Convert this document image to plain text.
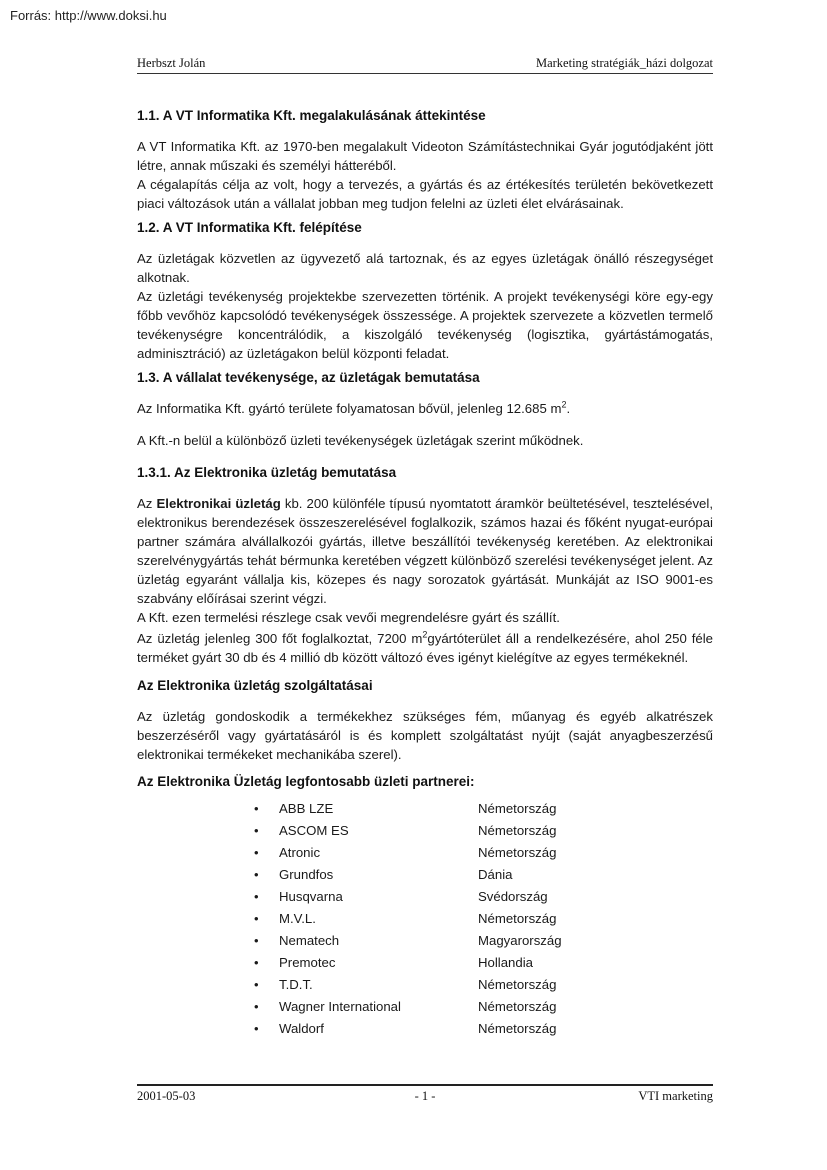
Forrás: http://www.doksi.hu
Herbszt Jolán	Marketing stratégiák_házi dolgozat
1.1. A VT Informatika Kft. megalakulásának áttekintése

A VT Informatika Kft. az 1970-ben megalakult Videoton Számítástechnikai Gyár jogutódjaként jött létre, annak műszaki és személyi hátteréből.

A cégalapítás célja az volt, hogy a tervezés, a gyártás és az értékesítés területén bekövetkezett piaci változások után a vállalat jobban meg tudjon felelni az üzleti élet elvárásainak.

1.2. A VT Informatika Kft. felépítése

Az üzletágak közvetlen az ügyvezető alá tartoznak, és az egyes üzletágak önálló részegységet alkotnak.

Az üzletági tevékenység projektekbe szervezetten történik. A projekt tevékenységi köre egy-egy főbb vevőhöz kapcsolódó tevékenységek összessége. A projektek szervezete a közvetlen termelő tevékenységre koncentrálódik, a kiszolgáló tevékenység (logisztika, gyártástámogatás, adminisztráció) az üzletágakon belül központi feladat.

1.3. A vállalat tevékenysége, az üzletágak bemutatása

Az Informatika Kft. gyártó területe folyamatosan bővül, jelenleg 12.685 $m^2$.

A Kft.-n belül a különböző üzleti tevékenységek üzletágak szerint működnek.

1.3.1. Az Elektronika üzletág bemutatása

Az Elektronikai üzletág kb. 200 különféle típusú nyomtatott áramkör beültetésével, tesztelésével, elektronikus berendezések összeszerelésével foglalkozik, számos hazai és főként nyugat-európai partner számára alvállalkozói gyártás, illetve beszállítói tevékenység keretében. Az elektronikai szerelvénygyártás tehát bérmunka keretében végzett különböző szerelési tevékenységet jelent. Az üzletág egyaránt vállalja kis, közepes és nagy sorozatok gyártását. Munkáját az ISO 9001-es szabvány előírásai szerint végzi.

A Kft. ezen termelési részlege csak vevői megrendelésre gyárt és szállít.

Az üzletág jelenleg 300 főt foglalkoztat, 7200 $m^2gyártóterület$ áll a rendelkezésére, ahol 250 féle terméket gyárt 30 db és 4 millió db között változó éves igényt kielégítve az egyes termékeknél.

Az Elektronika üzletág szolgáltatásai

Az üzletág gondoskodik a termékekhez szükséges fém, műanyag és egyéb alkatrészek beszerzéséről vagy gyártatásáról is és komplett szolgáltatást nyújt (saját anyagbeszerzésű elektronikai termékeket mechanikába szerel).

Az Elektronika Üzletág legfontosabb üzleti partnerei:
•	ABB LZE	Németország
•	ASCOM ES	Németország
•	Atronic	Németország
•	Grundfos	Dánia
•	Husqvarna	Svédország
•	M.V.L.	Németország
•	Nematech	Magyarország
•	Premotec	Hollandia
•	T.D.T.	Németország
•	Wagner International	Németország
•	Waldorf	Németország
2001-05-03	- 1 -	VTI marketing
